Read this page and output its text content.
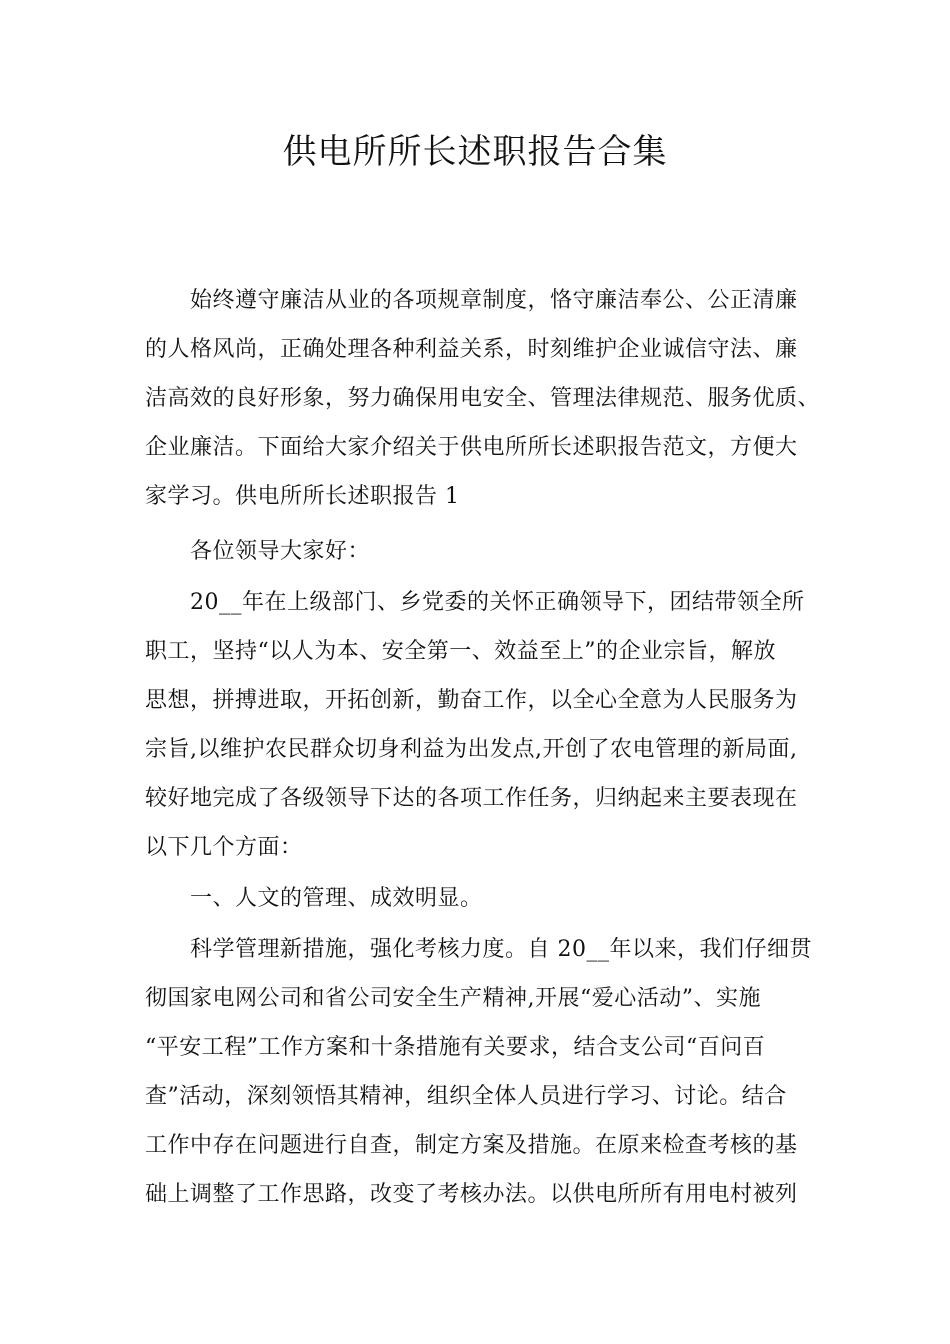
供电所所长述职报告合集
始终遵守廉洁从业的各项规章制度，恪守廉洁奉公、公正清廉
的人格风尚，正确处理各种利益关系，时刻维护企业诚信守法、廉
洁高效的良好形象，努力确保用电安全、管理法律规范、服务优质、
企业廉洁。下面给大家介绍关于供电所所长述职报告范文，方便大
家学习。供电所所长述职报告 1
各位领导大家好：
20__年在上级部门、乡党委的关怀正确领导下，团结带领全所
职工，坚持“以人为本、安全第一、效益至上”的企业宗旨，解放
思想，拼搏进取，开拓创新，勤奋工作，以全心全意为人民服务为
宗旨,以维护农民群众切身利益为出发点,开创了农电管理的新局面,
较好地完成了各级领导下达的各项工作任务，归纳起来主要表现在
以下几个方面：
一、人文的管理、成效明显。
科学管理新措施，强化考核力度。自 20__年以来，我们仔细贯
彻国家电网公司和省公司安全生产精神,开展“爱心活动”、实施
“平安工程”工作方案和十条措施有关要求，结合支公司“百问百
查”活动，深刻领悟其精神，组织全体人员进行学习、讨论。结合
工作中存在问题进行自查，制定方案及措施。在原来检查考核的基
础上调整了工作思路，改变了考核办法。以供电所所有用电村被列
